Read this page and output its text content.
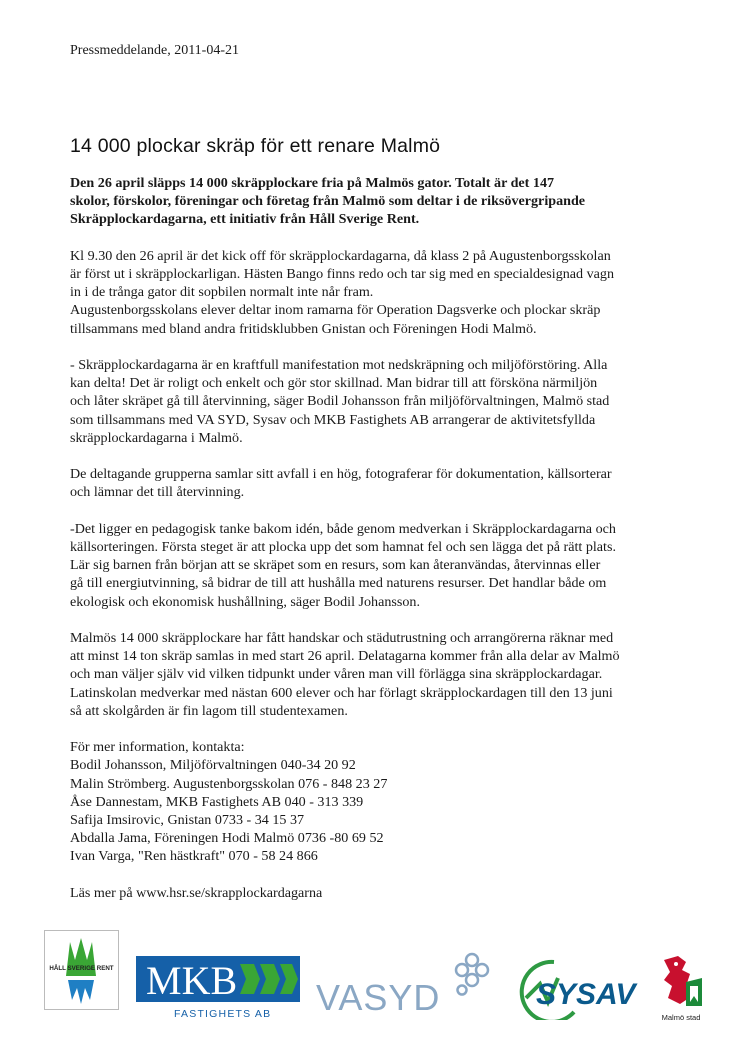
Pressmeddelande, 2011-04-21
14 000 plockar skräp för ett renare Malmö

Den 26 april släpps 14 000 skräpplockare fria på Malmös gator. Totalt är det 147
skolor, förskolor, föreningar och företag från Malmö som deltar i de riksövergripande
Skräpplockardagarna, ett initiativ från Håll Sverige Rent.

Kl 9.30 den 26 april är det kick off för skräpplockardagarna, då klass 2 på Augustenborgsskolan
är först ut i skräpplockarligan. Hästen Bango finns redo och tar sig med en specialdesignad vagn
in i de trånga gator dit sopbilen normalt inte når fram.
Augustenborgsskolans elever deltar inom ramarna för Operation Dagsverke och plockar skräp
tillsammans med bland andra fritidsklubben Gnistan och Föreningen Hodi Malmö.

- Skräpplockardagarna är en kraftfull manifestation mot nedskräpning och miljöförstöring. Alla
kan delta! Det är roligt och enkelt och gör stor skillnad. Man bidrar till att försköna närmiljön
och låter skräpet gå till återvinning, säger Bodil Johansson från miljöförvaltningen, Malmö stad
som tillsammans med VA SYD, Sysav och MKB Fastighets AB arrangerar de aktivitetsfyllda
skräpplockardagarna i Malmö.

De deltagande grupperna samlar sitt avfall i en hög, fotograferar för dokumentation, källsorterar
och lämnar det till återvinning.

-Det ligger en pedagogisk tanke bakom idén, både genom medverkan i Skräpplockardagarna och
källsorteringen. Första steget är att plocka upp det som hamnat fel och sen lägga det på rätt plats.
Lär sig barnen från början att se skräpet som en resurs, som kan återanvändas, återvinnas eller
gå till energiutvinning, så bidrar de till att hushålla med naturens resurser. Det handlar både om
ekologisk och ekonomisk hushållning, säger Bodil Johansson.

Malmös 14 000 skräpplockare har fått handskar och städutrustning och arrangörerna räknar med
att minst 14 ton skräp samlas in med start 26 april. Delatagarna kommer från alla delar av Malmö
och man väljer själv vid vilken tidpunkt under våren man vill förlägga sina skräpplockardagar.
Latinskolan medverkar med nästan 600 elever och har förlagt skräpplockardagen till den 13 juni
så att skolgården är fin lagom till studentexamen.

För mer information, kontakta:
Bodil Johansson, Miljöförvaltningen 040-34 20 92
Malin Strömberg. Augustenborgsskolan 076 - 848 23 27
Åse Dannestam, MKB Fastighets AB 040 - 313 339
Safija Imsirovic, Gnistan 0733 - 34 15 37
Abdalla Jama, Föreningen Hodi Malmö 0736 -80 69 52
Ivan Varga, "Ren hästkraft" 070 - 58 24 866

Läs mer på www.hsr.se/skrapplockardagarna

HÅLL SVERIGE RENT MKB
FASTIGHETS AB VASYD	SYSAV
Malmö stad
